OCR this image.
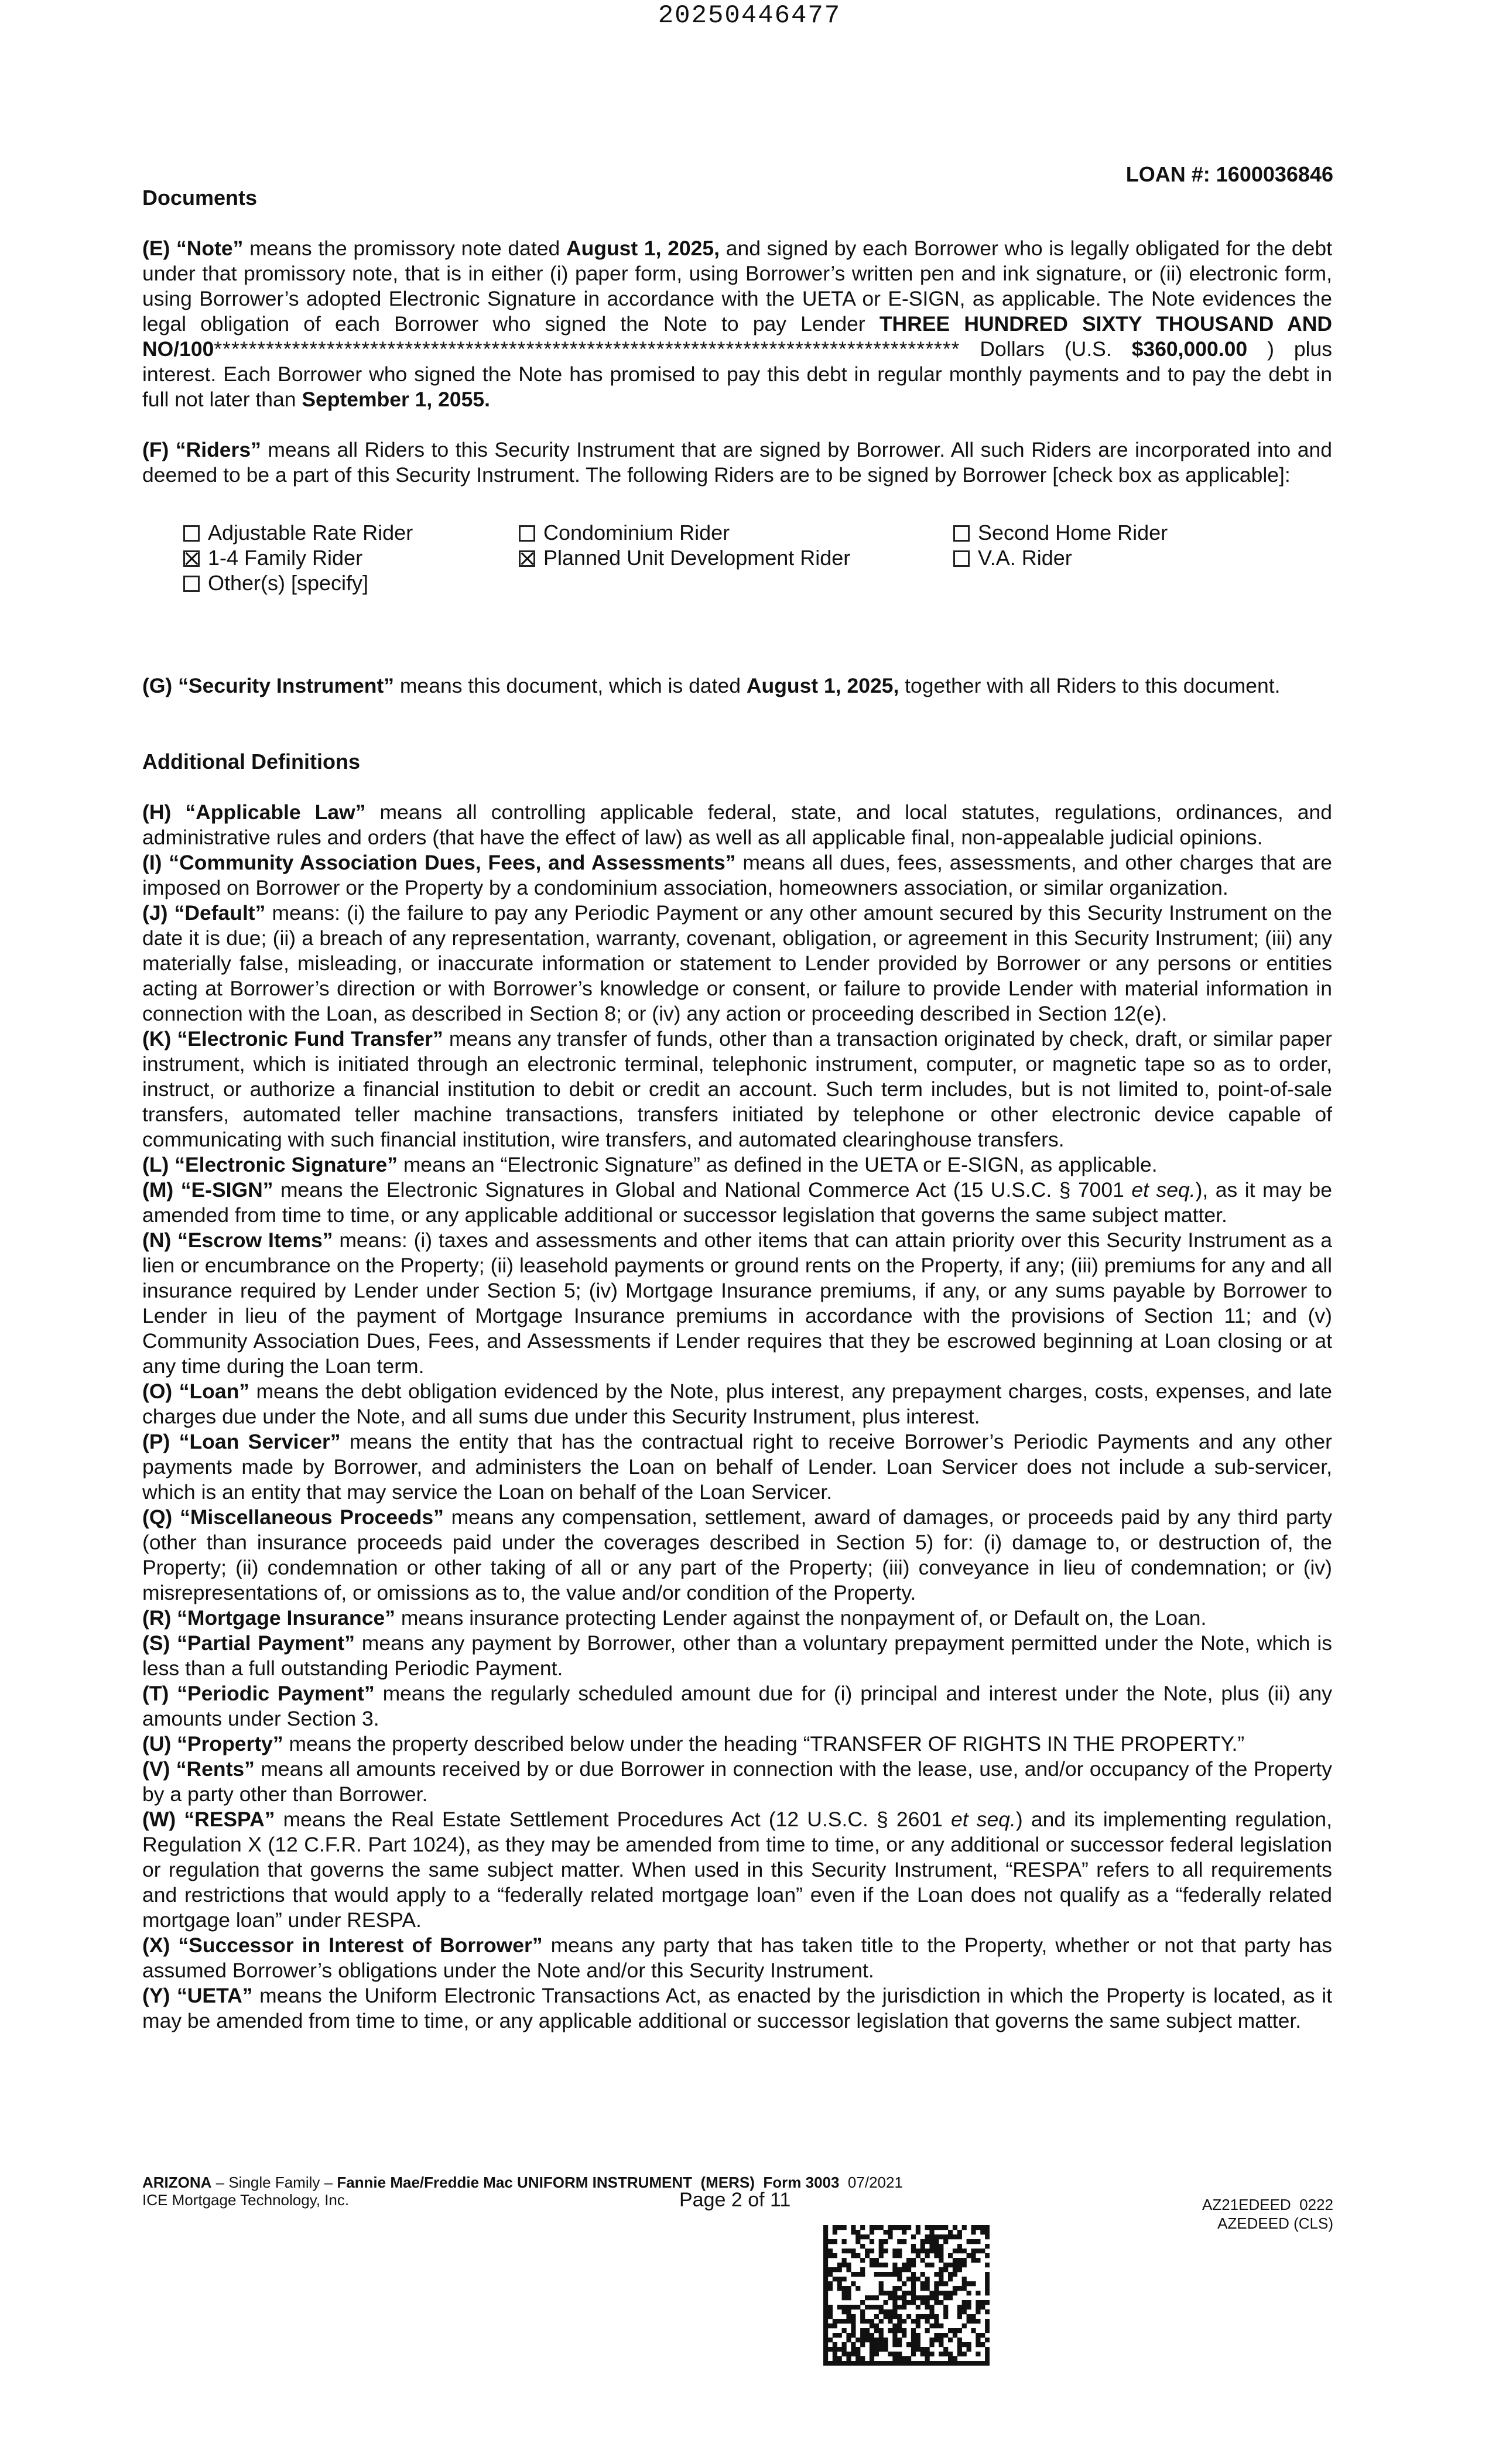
20250446477
Documents
LOAN #: 1600036846

(E) “Note” means the promissory note dated August 1, 2025, and signed by each Borrower who is legally obligated for the debt under that promissory note, that is in either (i) paper form, using Borrower’s written pen and ink signature, or (ii) electronic form, using Borrower’s adopted Electronic Signature in accordance with the UETA or E-SIGN, as applicable. The Note evidences the legal obligation of each Borrower who signed the Note to pay Lender THREE HUNDRED SIXTY THOUSAND AND NO/100************************************************************************************** Dollars (U.S. $360,000.00 ) plus interest. Each Borrower who signed the Note has promised to pay this debt in regular monthly payments and to pay the debt in full not later than September 1, 2055.

(F) “Riders” means all Riders to this Security Instrument that are signed by Borrower. All such Riders are incorporated into and deemed to be a part of this Security Instrument. The following Riders are to be signed by Borrower [check box as applicable]:

Adjustable Rate Rider	Condominium Rider	Second Home Rider
1-4 Family Rider	Planned Unit Development Rider	V.A. Rider
Other(s) [specify]

(G) “Security Instrument” means this document, which is dated August 1, 2025, together with all Riders to this document.

Additional Definitions

(H) “Applicable Law” means all controlling applicable federal, state, and local statutes, regulations, ordinances, and administrative rules and orders (that have the effect of law) as well as all applicable final, non-appealable judicial opinions.

(I) “Community Association Dues, Fees, and Assessments” means all dues, fees, assessments, and other charges that are imposed on Borrower or the Property by a condominium association, homeowners association, or similar organization.

(J) “Default” means: (i) the failure to pay any Periodic Payment or any other amount secured by this Security Instrument on the date it is due; (ii) a breach of any representation, warranty, covenant, obligation, or agreement in this Security Instrument; (iii) any materially false, misleading, or inaccurate information or statement to Lender provided by Borrower or any persons or entities acting at Borrower’s direction or with Borrower’s knowledge or consent, or failure to provide Lender with material information in connection with the Loan, as described in Section 8; or (iv) any action or proceeding described in Section 12(e).

(K) “Electronic Fund Transfer” means any transfer of funds, other than a transaction originated by check, draft, or similar paper instrument, which is initiated through an electronic terminal, telephonic instrument, computer, or magnetic tape so as to order, instruct, or authorize a financial institution to debit or credit an account. Such term includes, but is not limited to, point-of-sale transfers, automated teller machine transactions, transfers initiated by telephone or other electronic device capable of communicating with such financial institution, wire transfers, and automated clearinghouse transfers.

(L) “Electronic Signature” means an “Electronic Signature” as defined in the UETA or E-SIGN, as applicable.

(M) “E-SIGN” means the Electronic Signatures in Global and National Commerce Act (15 U.S.C. § 7001 et seq.), as it may be amended from time to time, or any applicable additional or successor legislation that governs the same subject matter.

(N) “Escrow Items” means: (i) taxes and assessments and other items that can attain priority over this Security Instrument as a lien or encumbrance on the Property; (ii) leasehold payments or ground rents on the Property, if any; (iii) premiums for any and all insurance required by Lender under Section 5; (iv) Mortgage Insurance premiums, if any, or any sums payable by Borrower to Lender in lieu of the payment of Mortgage Insurance premiums in accordance with the provisions of Section 11; and (v) Community Association Dues, Fees, and Assessments if Lender requires that they be escrowed beginning at Loan closing or at any time during the Loan term.

(O) “Loan” means the debt obligation evidenced by the Note, plus interest, any prepayment charges, costs, expenses, and late charges due under the Note, and all sums due under this Security Instrument, plus interest.

(P) “Loan Servicer” means the entity that has the contractual right to receive Borrower’s Periodic Payments and any other payments made by Borrower, and administers the Loan on behalf of Lender. Loan Servicer does not include a sub-servicer, which is an entity that may service the Loan on behalf of the Loan Servicer.

(Q) “Miscellaneous Proceeds” means any compensation, settlement, award of damages, or proceeds paid by any third party (other than insurance proceeds paid under the coverages described in Section 5) for: (i) damage to, or destruction of, the Property; (ii) condemnation or other taking of all or any part of the Property; (iii) conveyance in lieu of condemnation; or (iv) misrepresentations of, or omissions as to, the value and/or condition of the Property.

(R) “Mortgage Insurance” means insurance protecting Lender against the nonpayment of, or Default on, the Loan.

(S) “Partial Payment” means any payment by Borrower, other than a voluntary prepayment permitted under the Note, which is less than a full outstanding Periodic Payment.

(T) “Periodic Payment” means the regularly scheduled amount due for (i) principal and interest under the Note, plus (ii) any amounts under Section 3.

(U) “Property” means the property described below under the heading “TRANSFER OF RIGHTS IN THE PROPERTY.”

(V) “Rents” means all amounts received by or due Borrower in connection with the lease, use, and/or occupancy of the Property by a party other than Borrower.

(W) “RESPA” means the Real Estate Settlement Procedures Act (12 U.S.C. § 2601 et seq.) and its implementing regulation, Regulation X (12 C.F.R. Part 1024), as they may be amended from time to time, or any additional or successor federal legislation or regulation that governs the same subject matter. When used in this Security Instrument, “RESPA” refers to all requirements and restrictions that would apply to a “federally related mortgage loan” even if the Loan does not qualify as a “federally related mortgage loan” under RESPA.

(X) “Successor in Interest of Borrower” means any party that has taken title to the Property, whether or not that party has assumed Borrower’s obligations under the Note and/or this Security Instrument.

(Y) “UETA” means the Uniform Electronic Transactions Act, as enacted by the jurisdiction in which the Property is located, as it may be amended from time to time, or any applicable additional or successor legislation that governs the same subject matter.

ARIZONA – Single Family – Fannie Mae/Freddie Mac UNIFORM INSTRUMENT (MERS) Form 3003 07/2021
ICE Mortgage Technology, Inc.	Page 2 of 11	AZ21EDEED  0222
AZEDEED (CLS)
